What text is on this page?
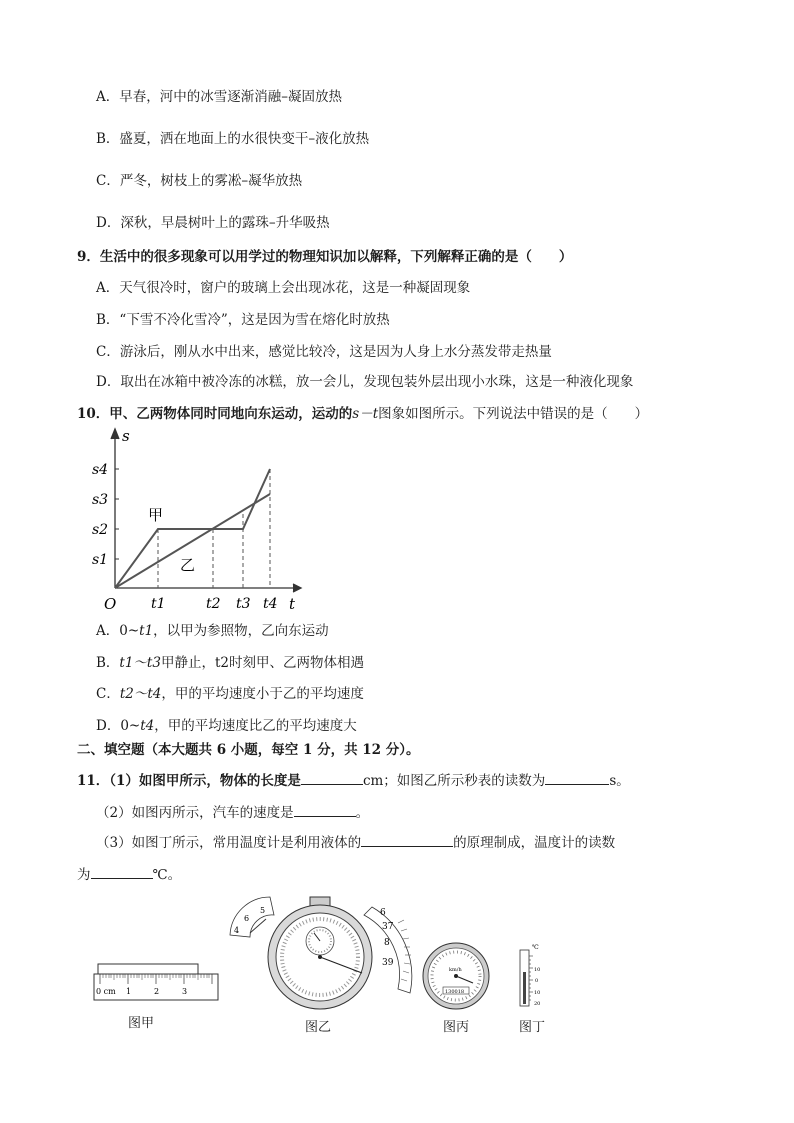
A．早春，河中的冰雪逐渐消融–凝固放热
B．盛夏，洒在地面上的水很快变干–液化放热
C．严冬，树枝上的雾凇–凝华放热
D．深秋，早晨树叶上的露珠–升华吸热
9．生活中的很多现象可以用学过的物理知识加以解释，下列解释正确的是（　　）
A．天气很冷时，窗户的玻璃上会出现冰花，这是一种凝固现象
B．“下雪不冷化雪冷”，这是因为雪在熔化时放热
C．游泳后，刚从水中出来，感觉比较冷，这是因为人身上水分蒸发带走热量
D．取出在冰箱中被冷冻的冰糕，放一会儿，发现包装外层出现小水珠，这是一种液化现象
10．甲、乙两物体同时同地向东运动，运动的s－t图象如图所示。下列说法中错误的是（　　）
s
t
O
s4
s3
s2
s1
t1	t2 t3 t4
甲
乙
A．0~t1，以甲为参照物，乙向东运动
B．t1～t3甲静止，t2时刻甲、乙两物体相遇
C．t2～t4，甲的平均速度小于乙的平均速度
D．0~t4，甲的平均速度比乙的平均速度大
二、填空题（本大题共 6 小题，每空 1 分，共 12 分）。
11．（1）如图甲所示，物体的长度是	cm；如图乙所示秒表的读数为	s。
（2）如图丙所示，汽车的速度是	。
（3）如图丁所示，常用温度计是利用液体的	的原理制成，温度计的读数
为	℃。
0 cm 1	2	3
5
6
4
6
37
8
39
km/h
130018
℃
10
0
10
20
图甲	图乙	图丙	图丁
